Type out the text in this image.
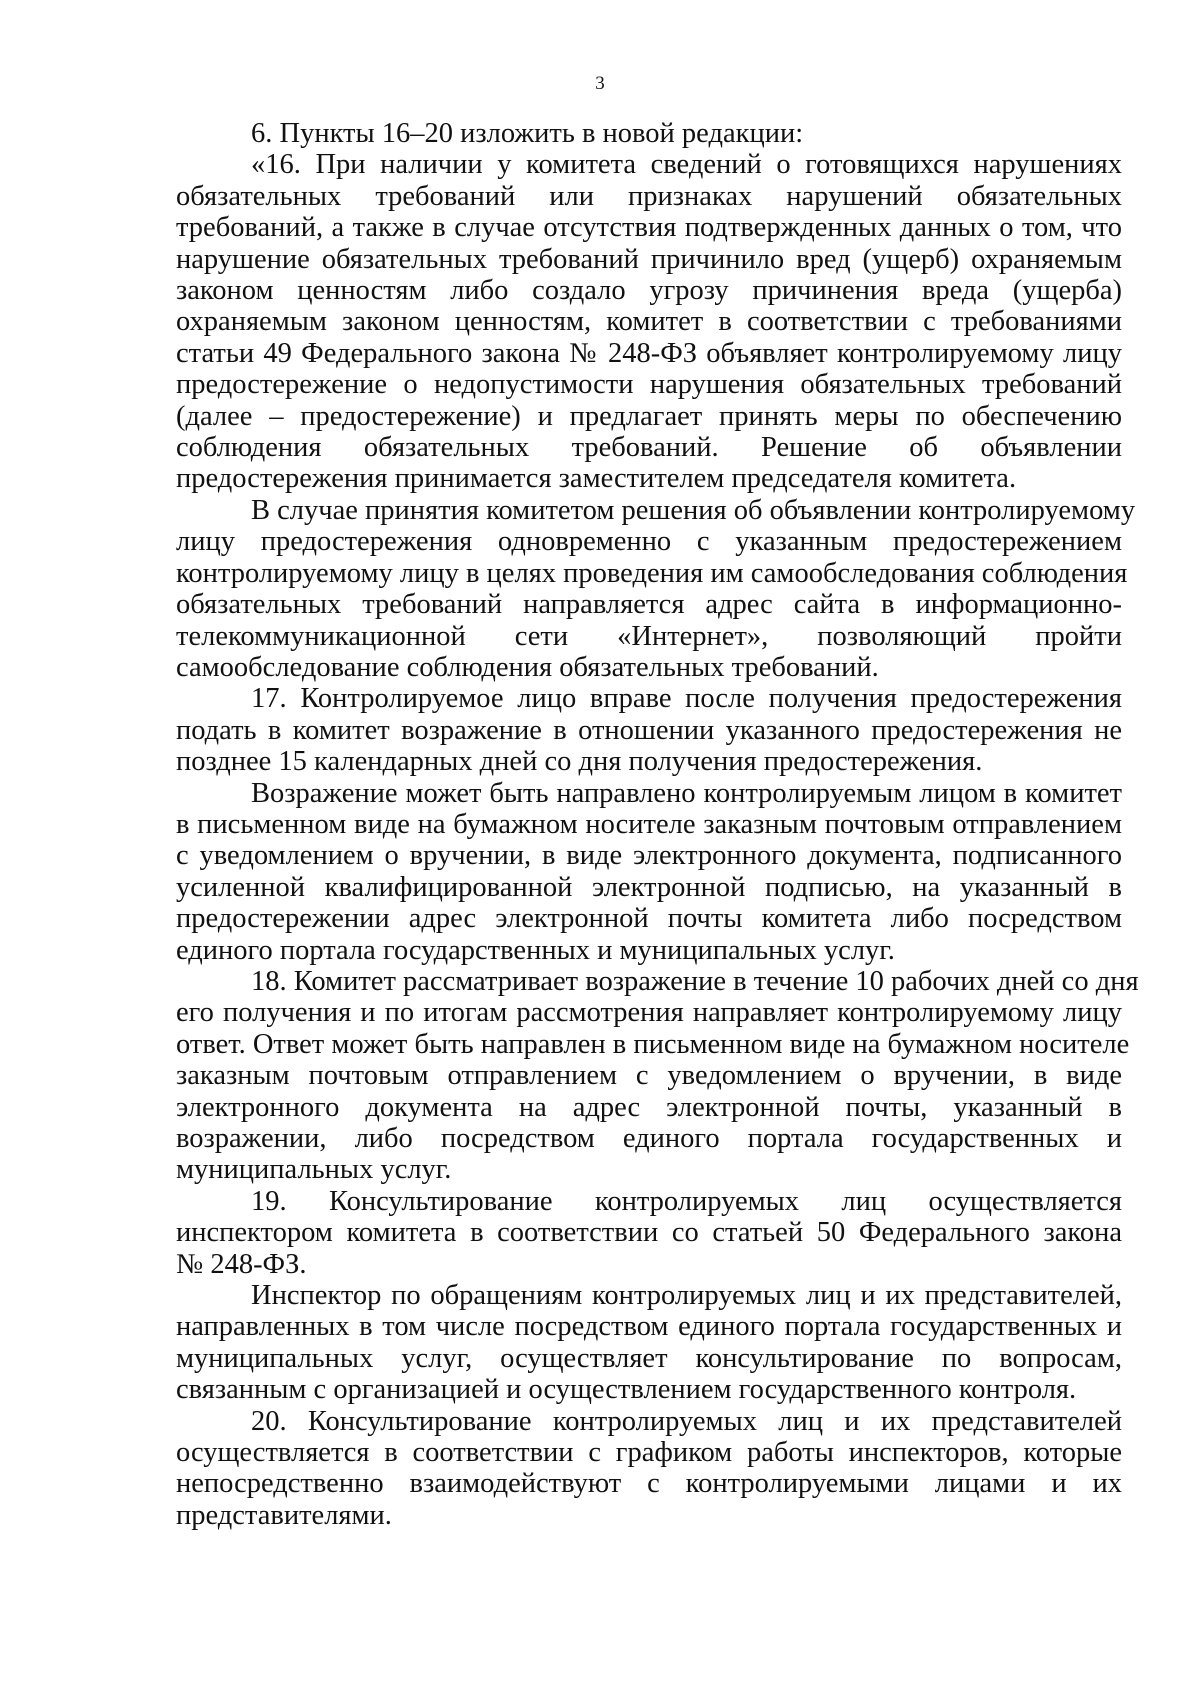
3
6. Пункты 16–20 изложить в новой редакции:
«16. При наличии у комитета сведений о готовящихся нарушениях
обязательных требований или признаках нарушений обязательных
требований, а также в случае отсутствия подтвержденных данных о том, что
нарушение обязательных требований причинило вред (ущерб) охраняемым
законом ценностям либо создало угрозу причинения вреда (ущерба)
охраняемым законом ценностям, комитет в соответствии с требованиями
статьи 49 Федерального закона № 248-ФЗ объявляет контролируемому лицу
предостережение о недопустимости нарушения обязательных требований
(далее – предостережение) и предлагает принять меры по обеспечению
соблюдения обязательных требований. Решение об объявлении
предостережения принимается заместителем председателя комитета.
В случае принятия комитетом решения об объявлении контролируемому
лицу предостережения одновременно с указанным предостережением
контролируемому лицу в целях проведения им самообследования соблюдения
обязательных требований направляется адрес сайта в информационно-
телекоммуникационной сети «Интернет», позволяющий пройти
самообследование соблюдения обязательных требований.
17. Контролируемое лицо вправе после получения предостережения
подать в комитет возражение в отношении указанного предостережения не
позднее 15 календарных дней со дня получения предостережения.
Возражение может быть направлено контролируемым лицом в комитет
в письменном виде на бумажном носителе заказным почтовым отправлением
с уведомлением о вручении, в виде электронного документа, подписанного
усиленной квалифицированной электронной подписью, на указанный в
предостережении адрес электронной почты комитета либо посредством
единого портала государственных и муниципальных услуг.
18. Комитет рассматривает возражение в течение 10 рабочих дней со дня
его получения и по итогам рассмотрения направляет контролируемому лицу
ответ. Ответ может быть направлен в письменном виде на бумажном носителе
заказным почтовым отправлением с уведомлением о вручении, в виде
электронного документа на адрес электронной почты, указанный в
возражении, либо посредством единого портала государственных и
муниципальных услуг.
19. Консультирование контролируемых лиц осуществляется
инспектором комитета в соответствии со статьей 50 Федерального закона
№ 248-ФЗ.
Инспектор по обращениям контролируемых лиц и их представителей,
направленных в том числе посредством единого портала государственных и
муниципальных услуг, осуществляет консультирование по вопросам,
связанным с организацией и осуществлением государственного контроля.
20. Консультирование контролируемых лиц и их представителей
осуществляется в соответствии с графиком работы инспекторов, которые
непосредственно взаимодействуют с контролируемыми лицами и их
представителями.
